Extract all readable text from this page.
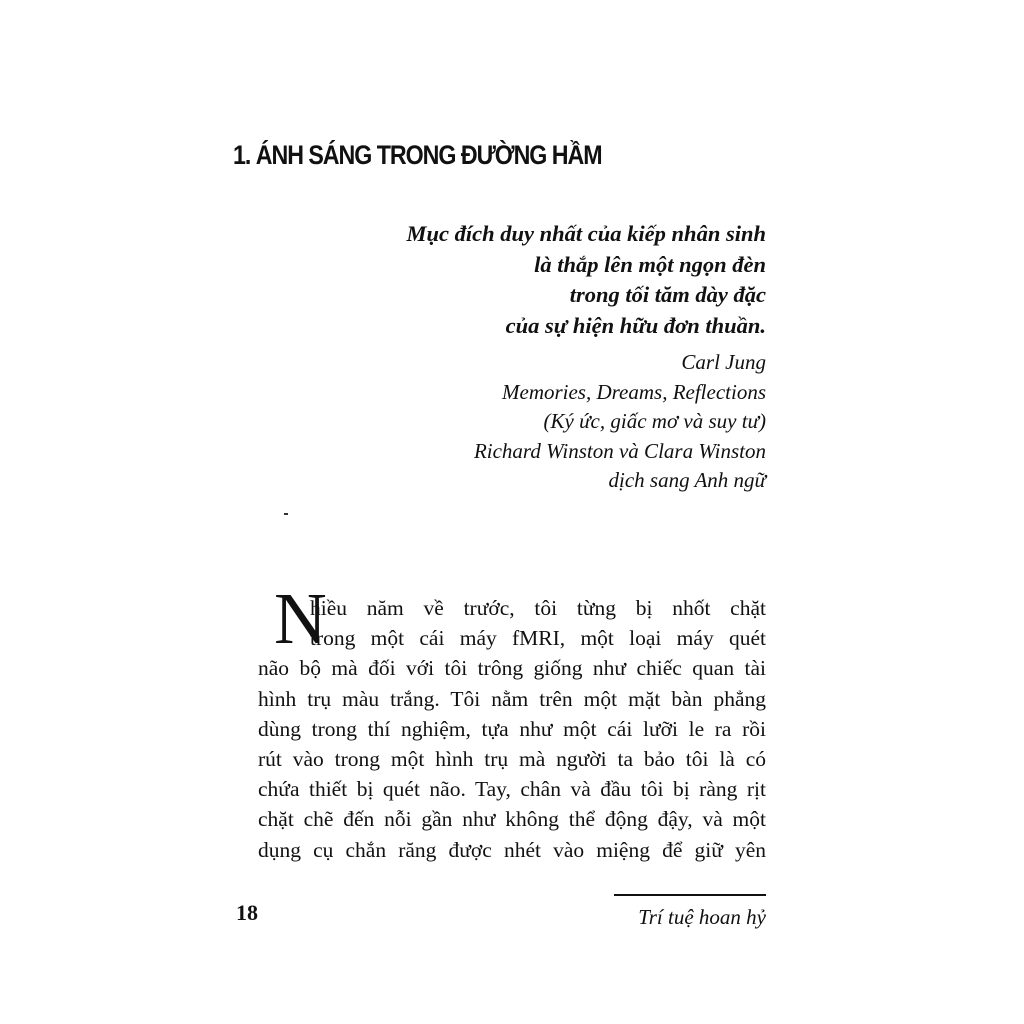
1. ÁNH SÁNG TRONG ĐƯỜNG HẦM
Mục đích duy nhất của kiếp nhân sinh
là thắp lên một ngọn đèn
trong tối tăm dày đặc
của sự hiện hữu đơn thuần.
Carl Jung
Memories, Dreams, Reflections
(Ký ức, giấc mơ và suy tư)
Richard Winston và Clara Winston
dịch sang Anh ngữ
N
hiều năm về trước, tôi từng bị nhốt chặt
trong một cái máy fMRI, một loại máy quét
não bộ mà đối với tôi trông giống như chiếc quan tài
hình trụ màu trắng. Tôi nằm trên một mặt bàn phẳng
dùng trong thí nghiệm, tựa như một cái lưỡi le ra rồi
rút vào trong một hình trụ mà người ta bảo tôi là có
chứa thiết bị quét não. Tay, chân và đầu tôi bị ràng rịt
chặt chẽ đến nỗi gần như không thể động đậy, và một
dụng cụ chắn răng được nhét vào miệng để giữ yên
18	Trí tuệ hoan hỷ
